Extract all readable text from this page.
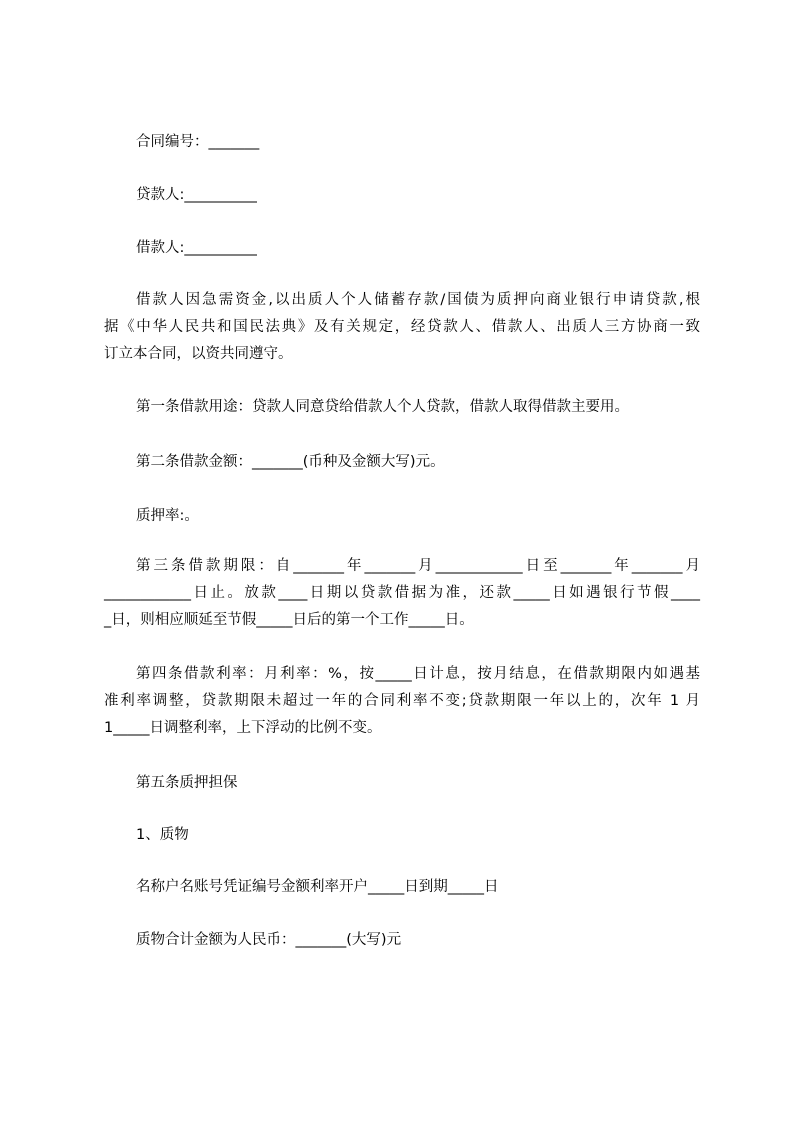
合同编号：_______
贷款人:__________
借款人:__________
借款人因急需资金,以出质人个人储蓄存款/国债为质押向商业银行申请贷款,根
据《中华人民共和国民法典》及有关规定，经贷款人、借款人、出质人三方协商一致
订立本合同，以资共同遵守。
第一条借款用途：贷款人同意贷给借款人个人贷款，借款人取得借款主要用。
第二条借款金额：_______(币种及金额大写)元。
质押率:。
第三条借款期限：自_______年_______月____________日至_______年_______月
____________日止。放款____日期以贷款借据为准，还款_____日如遇银行节假____
_日，则相应顺延至节假_____日后的第一个工作_____日。
第四条借款利率：月利率：%，按_____日计息，按月结息，在借款期限内如遇基
准利率调整，贷款期限未超过一年的合同利率不变;贷款期限一年以上的，次年 1 月
1_____日调整利率，上下浮动的比例不变。
第五条质押担保
1、质物
名称户名账号凭证编号金额利率开户_____日到期_____日
质物合计金额为人民币：_______(大写)元
